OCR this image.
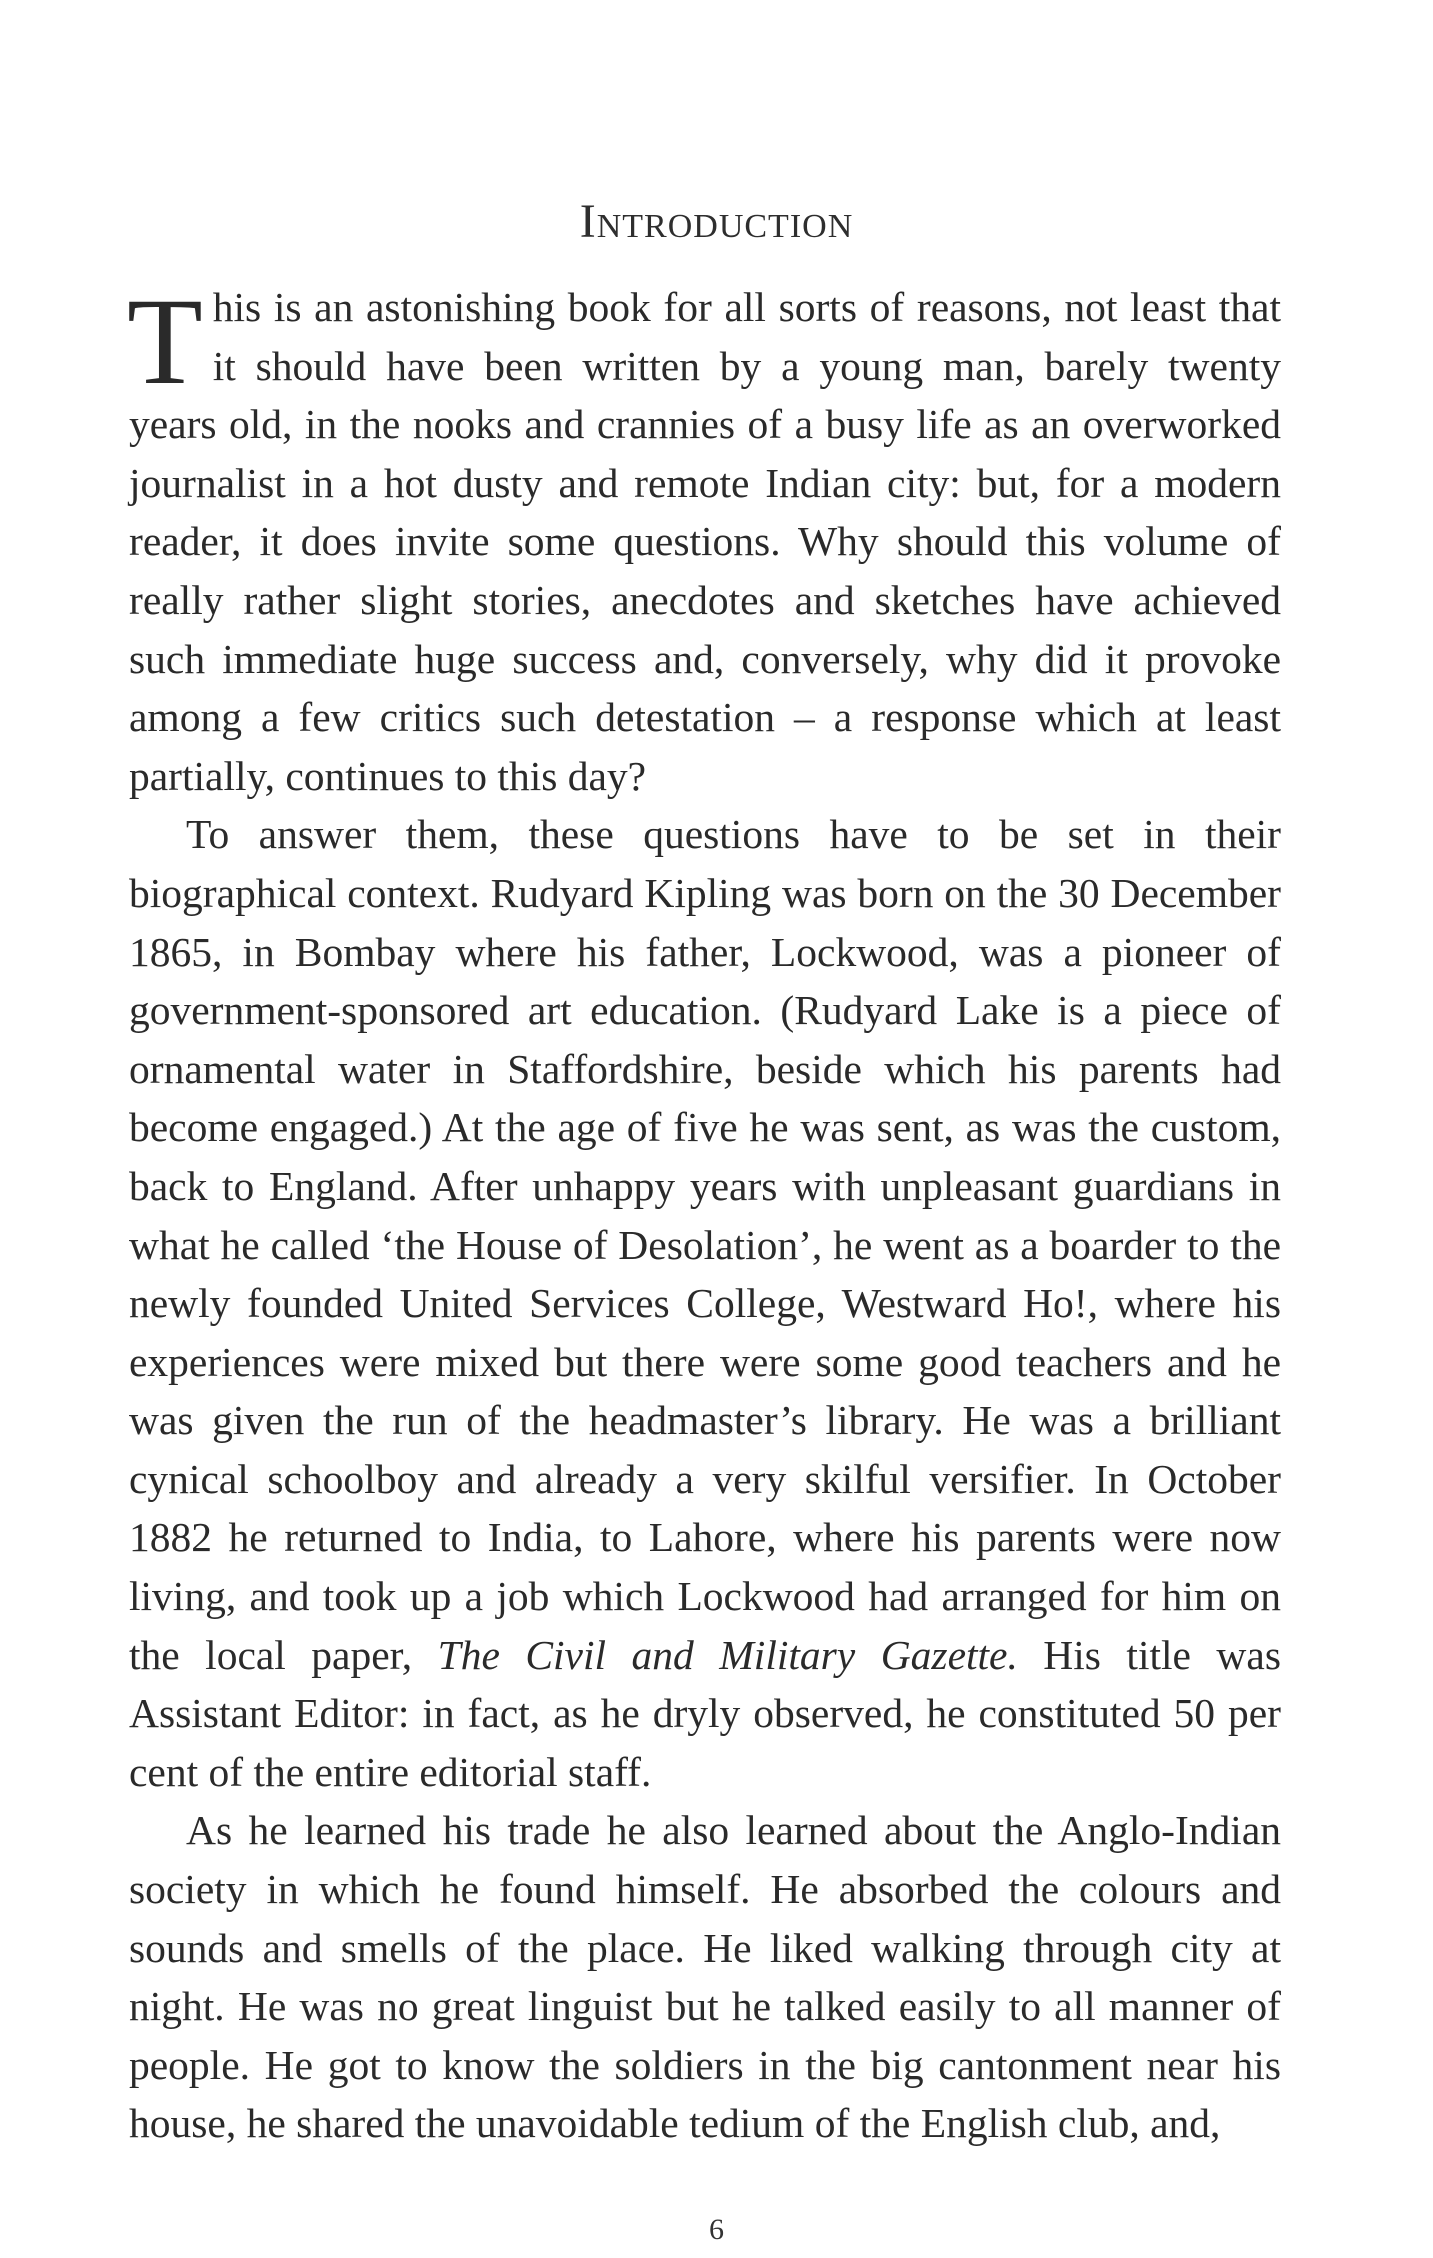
Introduction

This is an astonishing book for all sorts of reasons, not least that it should have been written by a young man, barely twenty years old, in the nooks and crannies of a busy life as an overworked journalist in a hot dusty and remote Indian city: but, for a modern reader, it does invite some questions. Why should this volume of really rather slight stories, anecdotes and sketches have achieved such immediate huge success and, conversely, why did it provoke among a few critics such detestation – a response which at least partially, continues to this day?

To answer them, these questions have to be set in their biographical context. Rudyard Kipling was born on the 30 December 1865, in Bombay where his father, Lockwood, was a pioneer of government-sponsored art education. (Rudyard Lake is a piece of ornamental water in Staffordshire, beside which his parents had become engaged.) At the age of five he was sent, as was the custom, back to England. After unhappy years with unpleasant guardians in what he called ‘the House of Desolation’, he went as a boarder to the newly founded United Services College, Westward Ho!, where his experiences were mixed but there were some good teachers and he was given the run of the headmaster’s library. He was a brilliant cynical schoolboy and already a very skilful versifier. In October 1882 he returned to India, to Lahore, where his parents were now living, and took up a job which Lockwood had arranged for him on the local paper, The Civil and Military Gazette. His title was Assistant Editor: in fact, as he dryly observed, he constituted 50 per cent of the entire editorial staff.

As he learned his trade he also learned about the Anglo-Indian society in which he found himself. He absorbed the colours and sounds and smells of the place. He liked walking through city at night. He was no great linguist but he talked easily to all manner of people. He got to know the soldiers in the big cantonment near his house, he shared the unavoidable tedium of the English club, and,

6
